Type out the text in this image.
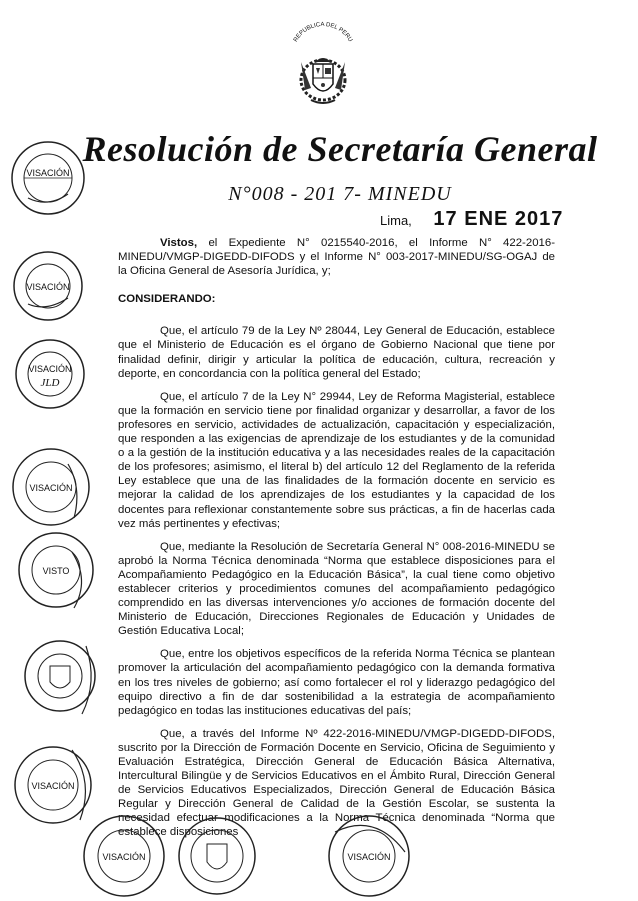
REPUBLICA DEL PERU
Resolución de Secretaría General
N°008 - 201 7- MINEDU
Lima, 17 ENE 2017

Vistos, el Expediente N° 0215540-2016, el Informe N° 422-2016-MINEDU/VMGP-DIGEDD-DIFODS y el Informe N° 003-2017-MINEDU/SG-OGAJ de la Oficina General de Asesoría Jurídica, y;

CONSIDERANDO:

Que, el artículo 79 de la Ley Nº 28044, Ley General de Educación, establece que el Ministerio de Educación es el órgano de Gobierno Nacional que tiene por finalidad definir, dirigir y articular la política de educación, cultura, recreación y deporte, en concordancia con la política general del Estado;

Que, el artículo 7 de la Ley N° 29944, Ley de Reforma Magisterial, establece que la formación en servicio tiene por finalidad organizar y desarrollar, a favor de los profesores en servicio, actividades de actualización, capacitación y especialización, que responden a las exigencias de aprendizaje de los estudiantes y de la comunidad o a la gestión de la institución educativa y a las necesidades reales de la capacitación de los profesores; asimismo, el literal b) del artículo 12 del Reglamento de la referida Ley establece que una de las finalidades de la formación docente en servicio es mejorar la calidad de los aprendizajes de los estudiantes y la capacidad de los docentes para reflexionar constantemente sobre sus prácticas, a fin de hacerlas cada vez más pertinentes y efectivas;

Que, mediante la Resolución de Secretaría General N° 008-2016-MINEDU se aprobó la Norma Técnica denominada “Norma que establece disposiciones para el Acompañamiento Pedagógico en la Educación Básica”, la cual tiene como objetivo establecer criterios y procedimientos comunes del acompañamiento pedagógico comprendido en las diversas intervenciones y/o acciones de formación docente del Ministerio de Educación, Direcciones Regionales de Educación y Unidades de Gestión Educativa Local;

Que, entre los objetivos específicos de la referida Norma Técnica se plantean promover la articulación del acompañamiento pedagógico con la demanda formativa en los tres niveles de gobierno; así como fortalecer el rol y liderazgo pedagógico del equipo directivo a fin de dar sostenibilidad a la estrategia de acompañamiento pedagógico en todas las instituciones educativas del país;

Que, a través del Informe Nº 422-2016-MINEDU/VMGP-DIGEDD-DIFODS, suscrito por la Dirección de Formación Docente en Servicio, Oficina de Seguimiento y Evaluación Estratégica, Dirección General de Educación Básica Alternativa, Intercultural Bilingüe y de Servicios Educativos en el Ámbito Rural, Dirección General de Servicios Educativos Especializados, Dirección General de Educación Básica Regular y Dirección General de Calidad de la Gestión Escolar, se sustenta la necesidad efectuar modificaciones a la Norma Técnica denominada “Norma que establece disposiciones

VISACIÓN
VISACIÓN
VISACIÓN
JLD
VISACIÓN
VISTO
VISACIÓN
VISACIÓN	VISACIÓN
